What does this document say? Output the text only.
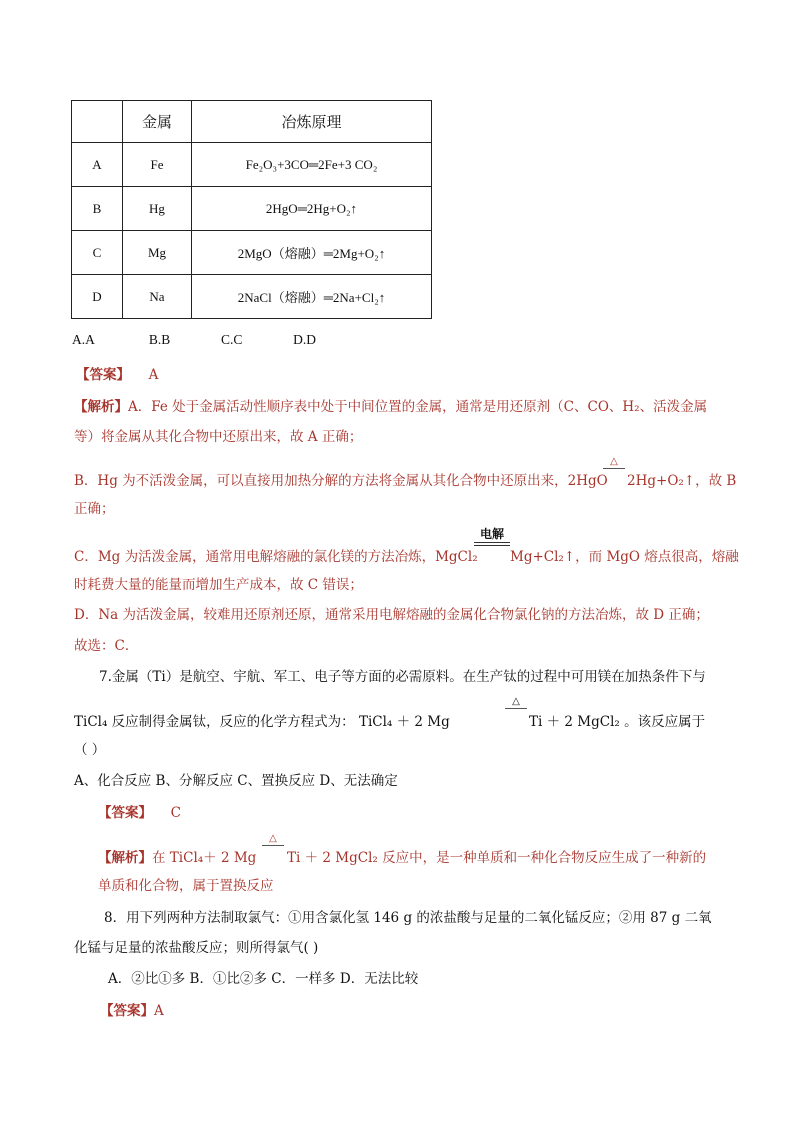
	金属	冶炼原理
A	Fe	Fe₂O₃+3CO═2Fe+3 CO₂
B	Hg	2HgO═2Hg+O₂↑
C	Mg	2MgO（熔融）═2Mg+O₂↑
D	Na	2NaCl（熔融）═2Na+Cl₂↑
A.A	B.B	C.C	D.D
【答案】 A
【解析】A．Fe 处于金属活动性顺序表中处于中间位置的金属，通常是用还原剂（C、CO、H₂、活泼金属
等）将金属从其化合物中还原出来，故 A 正确；
B．Hg 为不活泼金属，可以直接用加热分解的方法将金属从其化合物中还原出来，2HgO
△
2Hg+O₂↑，故 B
正确；
C．Mg 为活泼金属，通常用电解熔融的氯化镁的方法冶炼，MgCl₂
电解
Mg+Cl₂↑，而 MgO 熔点很高，熔融
时耗费大量的能量而增加生产成本，故 C 错误；
D．Na 为活泼金属，较难用还原剂还原，通常采用电解熔融的金属化合物氯化钠的方法冶炼，故 D 正确；
故选：C．
7.金属（Ti）是航空、宇航、军工、电子等方面的必需原料。在生产钛的过程中可用镁在加热条件下与
TiCl₄ 反应制得金属钛，反应的化学方程式为： TiCl₄ ＋ 2 Mg
△
Ti ＋ 2 MgCl₂ 。该反应属于
（ ）
A、化合反应 B、分解反应 C、置换反应 D、无法确定
【答案】 C
【解析】在 TiCl₄＋ 2 Mg
△
Ti ＋ 2 MgCl₂ 反应中，是一种单质和一种化合物反应生成了一种新的
单质和化合物，属于置换反应
8．用下列两种方法制取氯气：①用含氯化氢 146 g 的浓盐酸与足量的二氧化锰反应；②用 87 g 二氧
化锰与足量的浓盐酸反应；则所得氯气( )
A．②比①多 B．①比②多 C．一样多 D．无法比较
【答案】A
